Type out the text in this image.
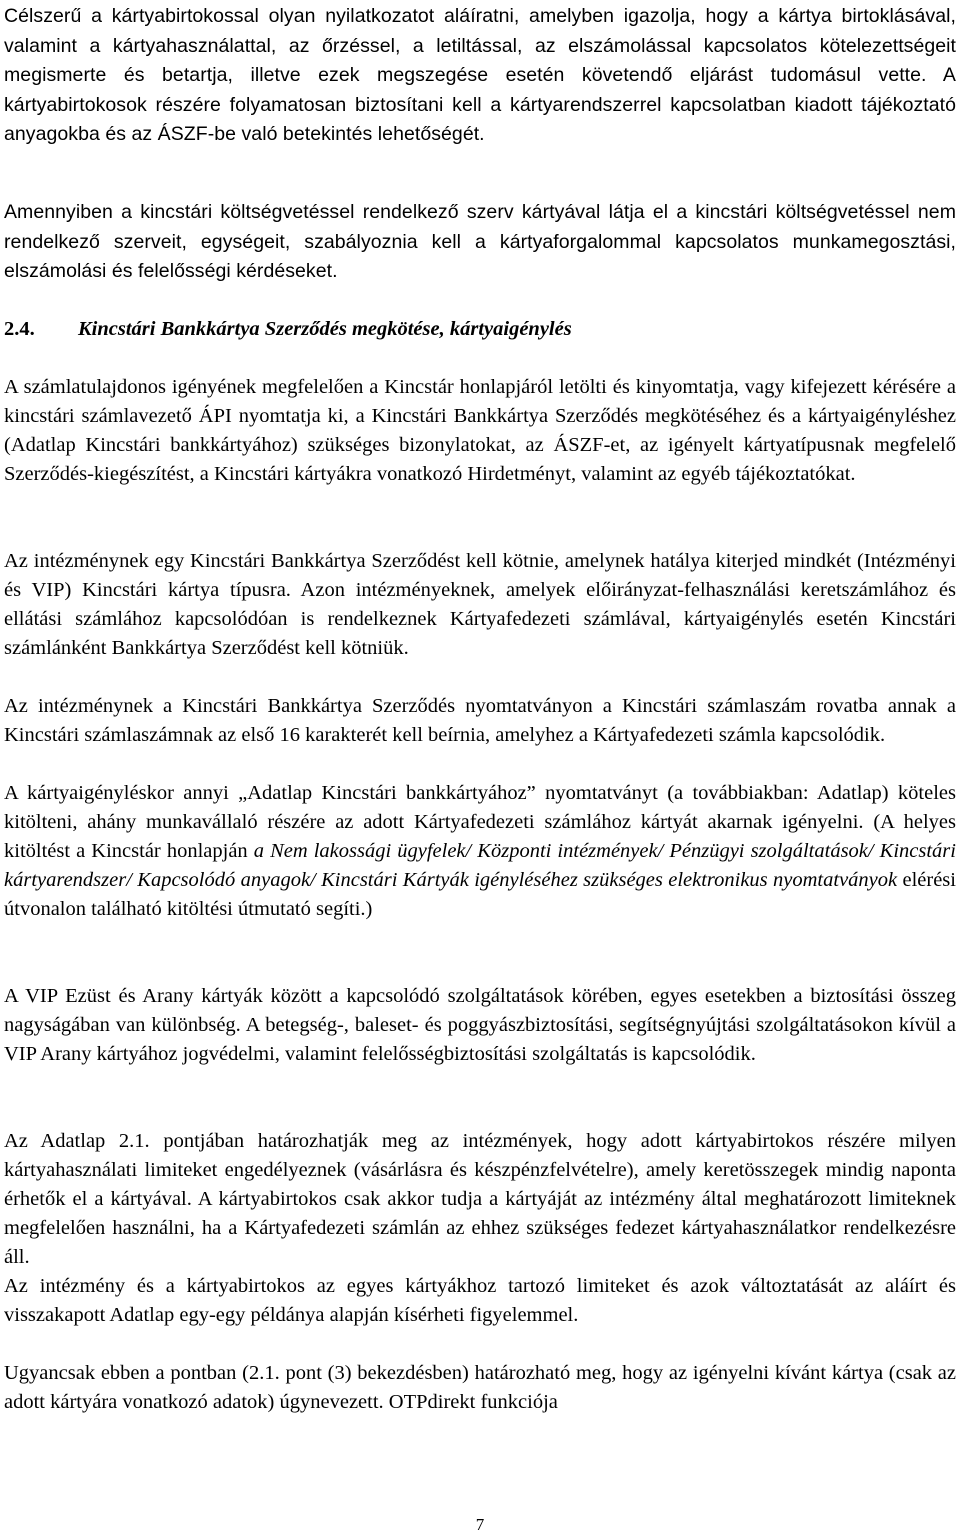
Célszerű a kártyabirtokossal olyan nyilatkozatot aláíratni, amelyben igazolja, hogy a kártya birtoklásával, valamint a kártyahasználattal, az őrzéssel, a letiltással, az elszámolással kapcsolatos kötelezettségeit megismerte és betartja, illetve ezek megszegése esetén követendő eljárást tudomásul vette. A kártyabirtokosok részére folyamatosan biztosítani kell a kártyarendszerrel kapcsolatban kiadott tájékoztató anyagokba és az ÁSZF-be való betekintés lehetőségét.

Amennyiben a kincstári költségvetéssel rendelkező szerv kártyával látja el a kincstári költségvetéssel nem rendelkező szerveit, egységeit, szabályoznia kell a kártyaforgalommal kapcsolatos munkamegosztási, elszámolási és felelősségi kérdéseket.

2.4. Kincstári Bankkártya Szerződés megkötése, kártyaigénylés

A számlatulajdonos igényének megfelelően a Kincstár honlapjáról letölti és kinyomtatja, vagy kifejezett kérésére a kincstári számlavezető ÁPI nyomtatja ki, a Kincstári Bankkártya Szerződés megkötéséhez és a kártyaigényléshez (Adatlap Kincstári bankkártyához) szükséges bizonylatokat, az ÁSZF-et, az igényelt kártyatípusnak megfelelő Szerződés-kiegészítést, a Kincstári kártyákra vonatkozó Hirdetményt, valamint az egyéb tájékoztatókat.

Az intézménynek egy Kincstári Bankkártya Szerződést kell kötnie, amelynek hatálya kiterjed mindkét (Intézményi és VIP) Kincstári kártya típusra. Azon intézményeknek, amelyek előirányzat-felhasználási keretszámlához és ellátási számlához kapcsolódóan is rendelkeznek Kártyafedezeti számlával, kártyaigénylés esetén Kincstári számlánként Bankkártya Szerződést kell kötniük.

Az intézménynek a Kincstári Bankkártya Szerződés nyomtatványon a Kincstári számlaszám rovatba annak a Kincstári számlaszámnak az első 16 karakterét kell beírnia, amelyhez a Kártyafedezeti számla kapcsolódik.

A kártyaigényléskor annyi „Adatlap Kincstári bankkártyához” nyomtatványt (a továbbiakban: Adatlap) köteles kitölteni, ahány munkavállaló részére az adott Kártyafedezeti számlához kártyát akarnak igényelni. (A helyes kitöltést a Kincstár honlapján a Nem lakossági ügyfelek/ Központi intézmények/ Pénzügyi szolgáltatások/ Kincstári kártyarendszer/ Kapcsolódó anyagok/ Kincstári Kártyák igényléséhez szükséges elektronikus nyomtatványok elérési útvonalon található kitöltési útmutató segíti.)

A VIP Ezüst és Arany kártyák között a kapcsolódó szolgáltatások körében, egyes esetekben a biztosítási összeg nagyságában van különbség. A betegség-, baleset- és poggyászbiztosítási, segítségnyújtási szolgáltatásokon kívül a VIP Arany kártyához jogvédelmi, valamint felelősségbiztosítási szolgáltatás is kapcsolódik.

Az Adatlap 2.1. pontjában határozhatják meg az intézmények, hogy adott kártyabirtokos részére milyen kártyahasználati limiteket engedélyeznek (vásárlásra és készpénzfelvételre), amely keretösszegek mindig naponta érhetők el a kártyával. A kártyabirtokos csak akkor tudja a kártyáját az intézmény által meghatározott limiteknek megfelelően használni, ha a Kártyafedezeti számlán az ehhez szükséges fedezet kártyahasználatkor rendelkezésre áll.

Az intézmény és a kártyabirtokos az egyes kártyákhoz tartozó limiteket és azok változtatását az aláírt és visszakapott Adatlap egy-egy példánya alapján kísérheti figyelemmel.

Ugyancsak ebben a pontban (2.1. pont (3) bekezdésben) határozható meg, hogy az igényelni kívánt kártya (csak az adott kártyára vonatkozó adatok) úgynevezett. OTPdirekt funkciója

7
